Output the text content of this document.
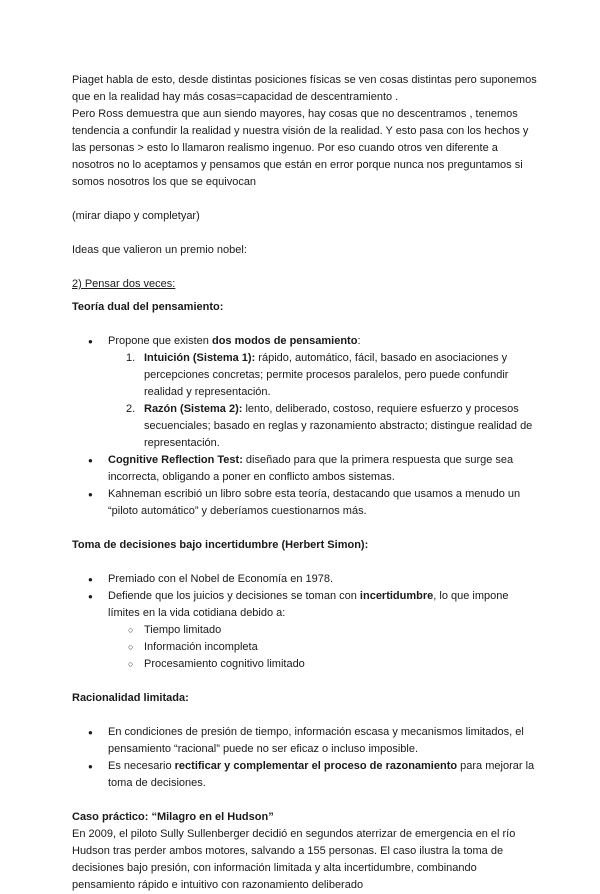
Piaget habla de esto, desde distintas posiciones físicas se ven cosas distintas pero suponemos que en la realidad hay más cosas=capacidad de descentramiento .

Pero Ross demuestra que aun siendo mayores, hay cosas que no descentramos , tenemos tendencia a confundir la realidad y nuestra visión de la realidad. Y esto pasa con los hechos y las personas > esto lo llamaron realismo ingenuo. Por eso cuando otros ven diferente a nosotros no lo aceptamos y pensamos que están en error porque nunca nos preguntamos si somos nosotros los que se equivocan

(mirar diapo y completyar)

Ideas que valieron un premio nobel:

2) Pensar dos veces:

Teoría dual del pensamiento:

● Propone que existen dos modos de pensamiento:
1. Intuición (Sistema 1): rápido, automático, fácil, basado en asociaciones y percepciones concretas; permite procesos paralelos, pero puede confundir realidad y representación.
2. Razón (Sistema 2): lento, deliberado, costoso, requiere esfuerzo y procesos secuenciales; basado en reglas y razonamiento abstracto; distingue realidad de representación.
● Cognitive Reflection Test: diseñado para que la primera respuesta que surge sea incorrecta, obligando a poner en conflicto ambos sistemas.
● Kahneman escribió un libro sobre esta teoría, destacando que usamos a menudo un “piloto automático” y deberíamos cuestionarnos más.

Toma de decisiones bajo incertidumbre (Herbert Simon):

● Premiado con el Nobel de Economía en 1978.
● Defiende que los juicios y decisiones se toman con incertidumbre, lo que impone límites en la vida cotidiana debido a:
○ Tiempo limitado
○ Información incompleta
○ Procesamiento cognitivo limitado

Racionalidad limitada:

● En condiciones de presión de tiempo, información escasa y mecanismos limitados, el pensamiento “racional” puede no ser eficaz o incluso imposible.
● Es necesario rectificar y complementar el proceso de razonamiento para mejorar la toma de decisiones.

Caso práctico: “Milagro en el Hudson”

En 2009, el piloto Sully Sullenberger decidió en segundos aterrizar de emergencia en el río Hudson tras perder ambos motores, salvando a 155 personas. El caso ilustra la toma de decisiones bajo presión, con información limitada y alta incertidumbre, combinando pensamiento rápido e intuitivo con razonamiento deliberado
